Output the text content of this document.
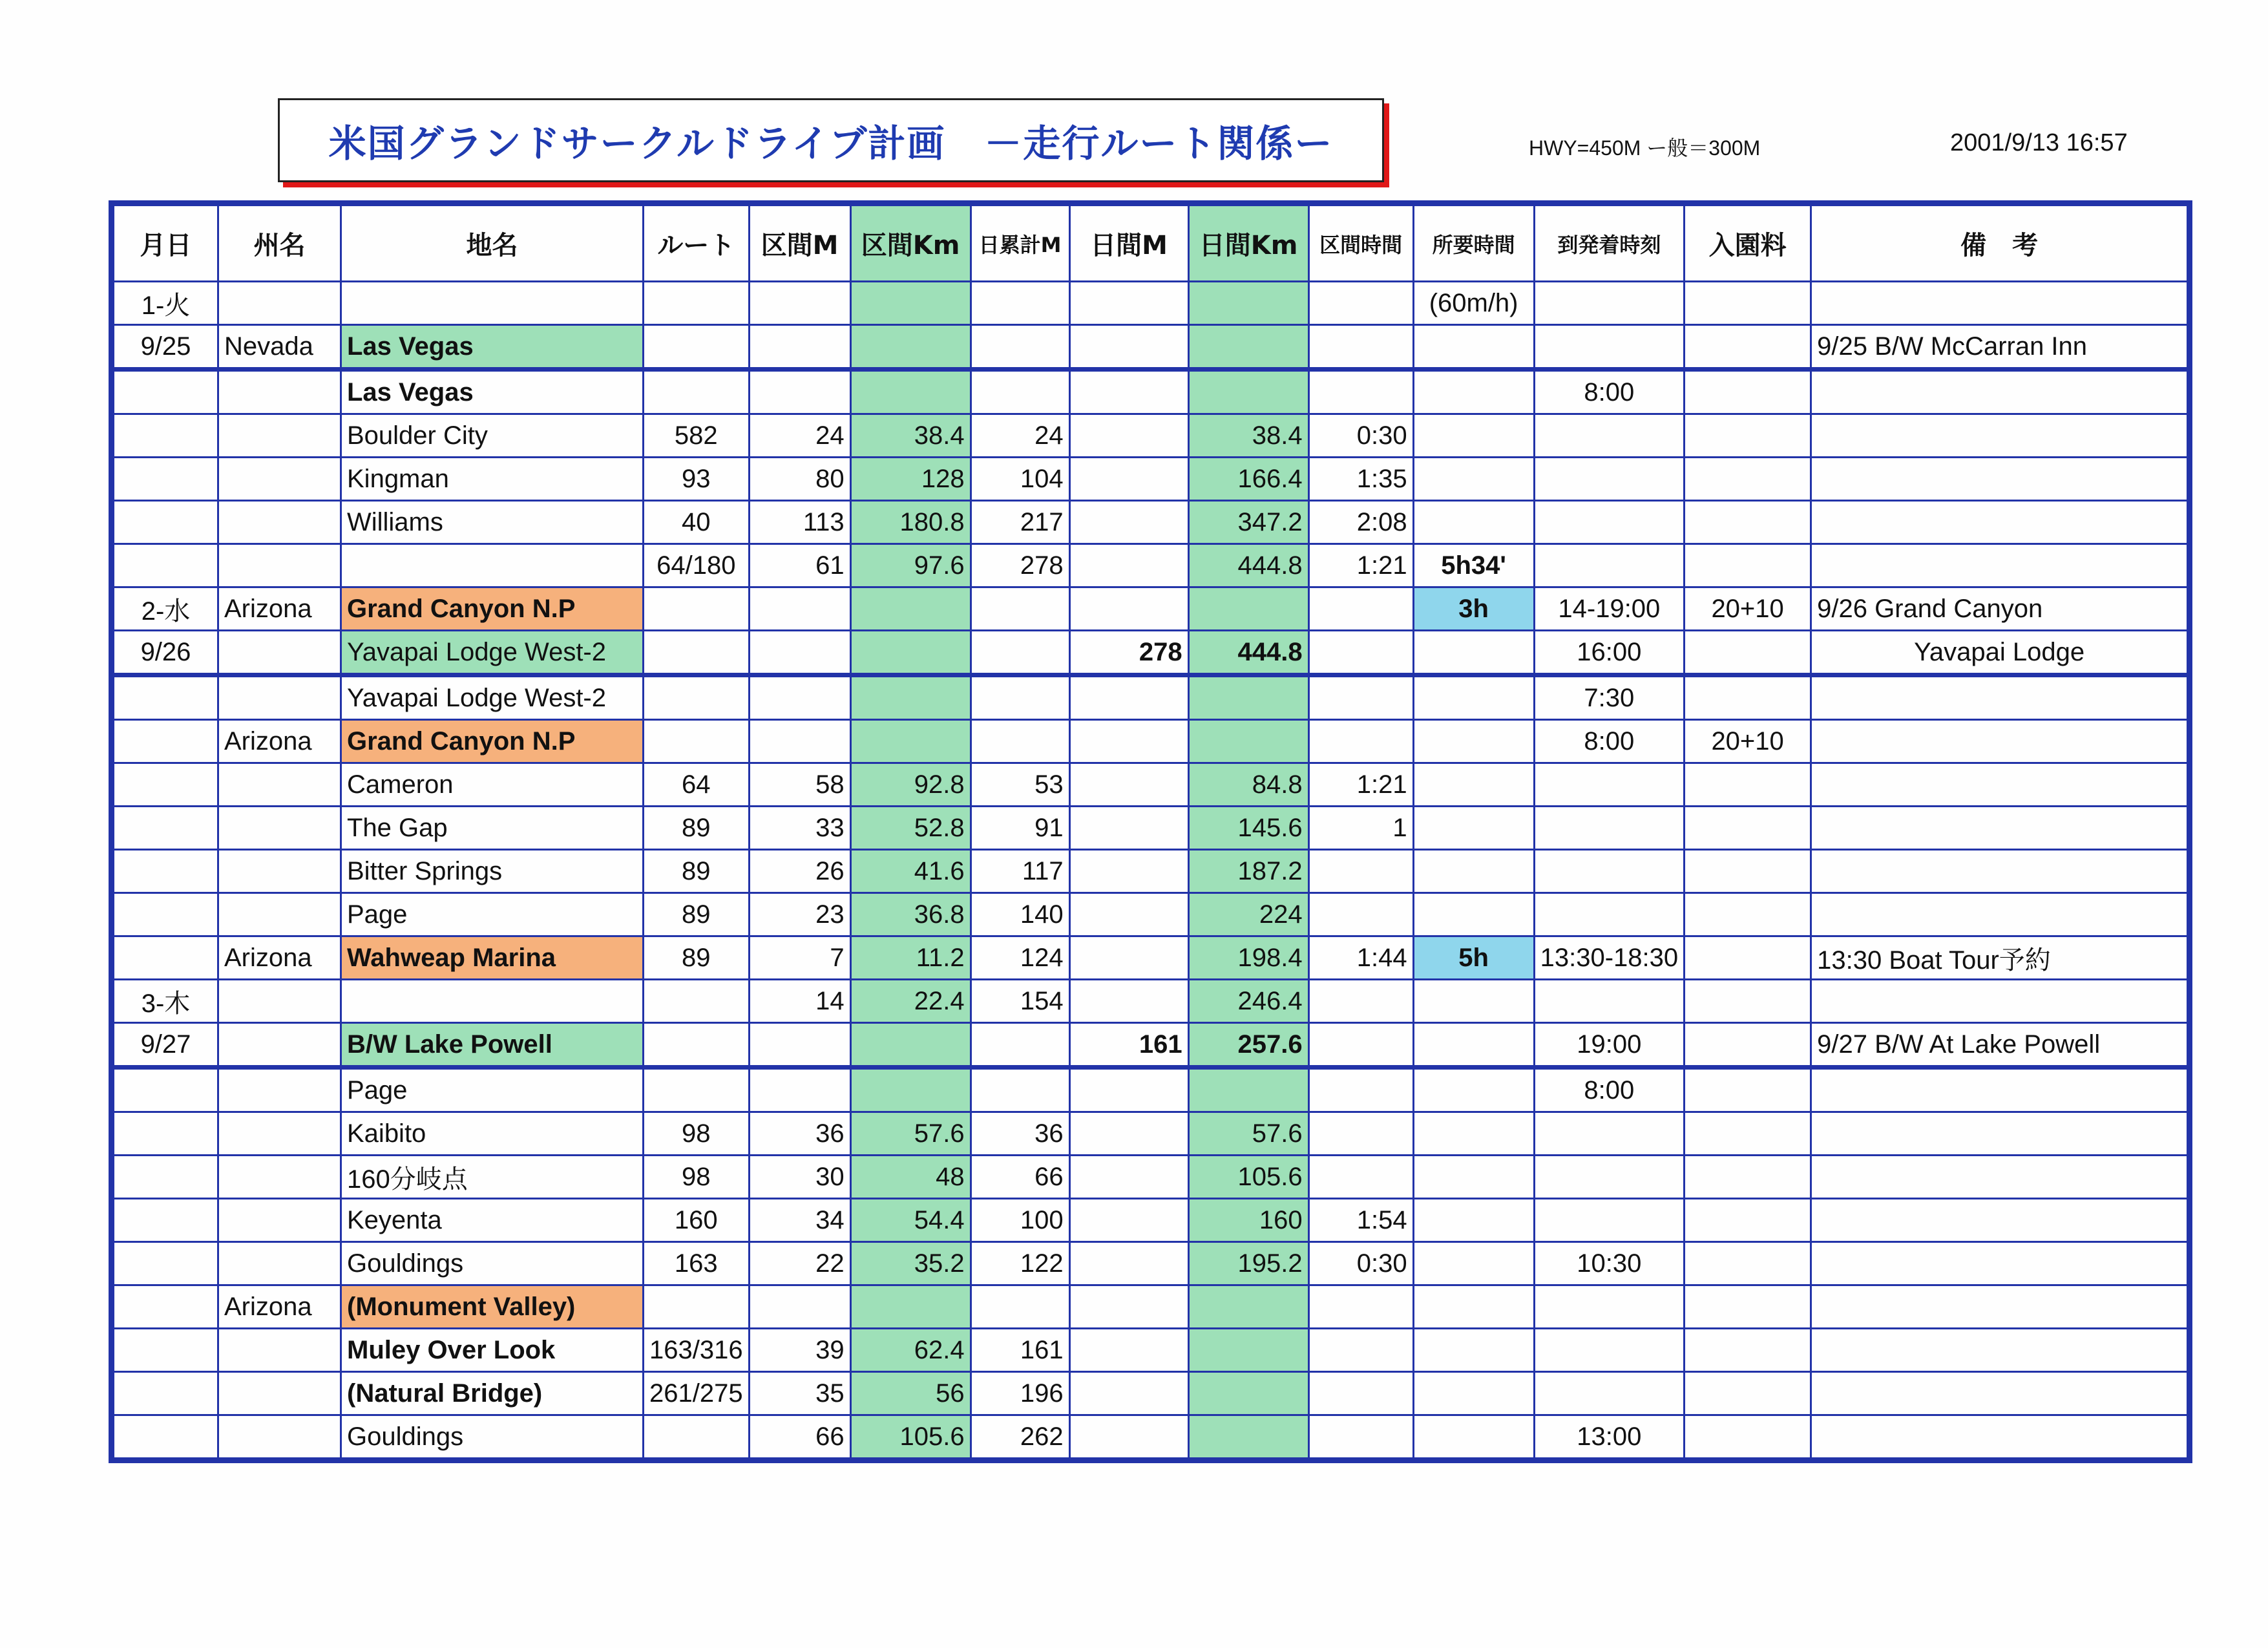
米国グランドサークルドライブ計画　－走行ルート関係ー	HWY=450M ー般＝300M	2001/9/13 16:57
月日	州名	地名	ルート	区間M	区間Km	日累計M	日間M	日間Km	区間時間	所要時間	到発着時刻	入園料	備　考
1-火										(60m/h)			
9/25	Nevada	Las Vegas											9/25 B/W McCarran Inn
		Las Vegas									8:00		
		Boulder City	582	24	38.4	24		38.4	0:30				
		Kingman	93	80	128	104		166.4	1:35				
		Williams	40	113	180.8	217		347.2	2:08				
			64/180	61	97.6	278		444.8	1:21	5h34'			
2-水	Arizona	Grand Canyon N.P								3h	14-19:00	20+10	9/26 Grand Canyon
9/26		Yavapai Lodge West-2					278	444.8			16:00		Yavapai Lodge
		Yavapai Lodge West-2									7:30		
	Arizona	Grand Canyon N.P									8:00	20+10	
		Cameron	64	58	92.8	53		84.8	1:21				
		The Gap	89	33	52.8	91		145.6	1				
		Bitter Springs	89	26	41.6	117		187.2					
		Page	89	23	36.8	140		224					
	Arizona	Wahweap Marina	89	7	11.2	124		198.4	1:44	5h	13:30-18:30		13:30 Boat Tour予約
3-木				14	22.4	154		246.4					
9/27		B/W Lake Powell					161	257.6			19:00		9/27 B/W At Lake Powell
		Page									8:00		
		Kaibito	98	36	57.6	36		57.6					
		160分岐点	98	30	48	66		105.6					
		Keyenta	160	34	54.4	100		160	1:54				
		Gouldings	163	22	35.2	122		195.2	0:30		10:30		
	Arizona	(Monument Valley)											
		Muley Over Look	163/316	39	62.4	161							
		(Natural Bridge)	261/275	35	56	196							
		Gouldings		66	105.6	262					13:00		
